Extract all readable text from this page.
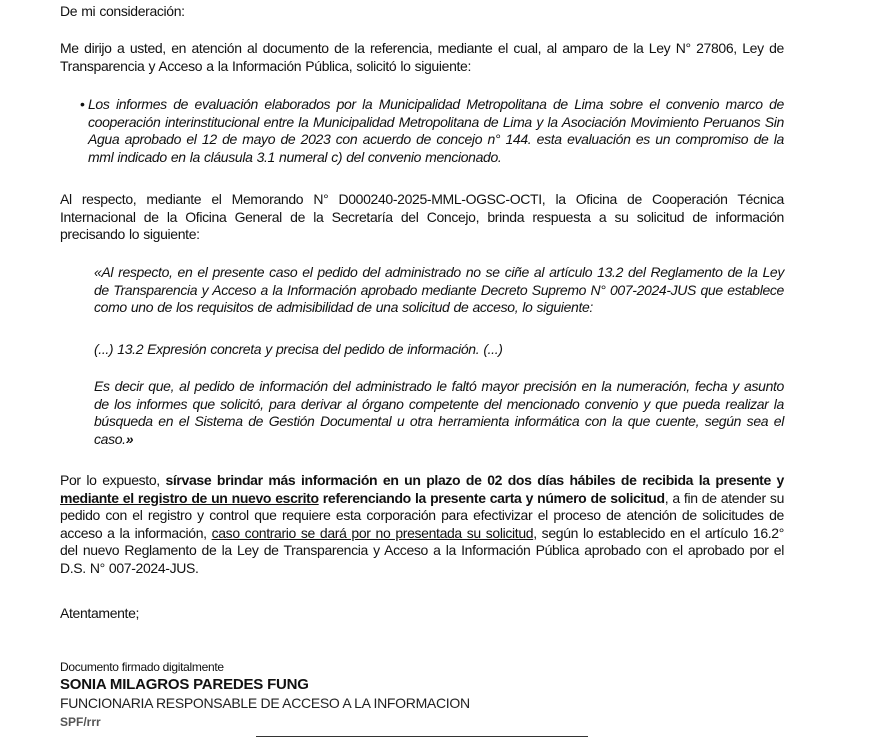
De mi consideración:

Me dirijo a usted, en atención al documento de la referencia, mediante el cual, al amparo de la Ley N° 27806, Ley de Transparencia y Acceso a la Información Pública, solicitó lo siguiente:

• Los informes de evaluación elaborados por la Municipalidad Metropolitana de Lima sobre el convenio marco de cooperación interinstitucional entre la Municipalidad Metropolitana de Lima y la Asociación Movimiento Peruanos Sin Agua aprobado el 12 de mayo de 2023 con acuerdo de concejo n° 144. esta evaluación es un compromiso de la mml indicado en la cláusula 3.1 numeral c) del convenio mencionado.

Al respecto, mediante el Memorando N° D000240-2025-MML-OGSC-OCTI, la Oficina de Cooperación Técnica Internacional de la Oficina General de la Secretaría del Concejo, brinda respuesta a su solicitud de información precisando lo siguiente:

«Al respecto, en el presente caso el pedido del administrado no se ciñe al artículo 13.2 del Reglamento de la Ley de Transparencia y Acceso a la Información aprobado mediante Decreto Supremo N° 007-2024-JUS que establece como uno de los requisitos de admisibilidad de una solicitud de acceso, lo siguiente:

(...) 13.2 Expresión concreta y precisa del pedido de información. (...)

Es decir que, al pedido de información del administrado le faltó mayor precisión en la numeración, fecha y asunto de los informes que solicitó, para derivar al órgano competente del mencionado convenio y que pueda realizar la búsqueda en el Sistema de Gestión Documental u otra herramienta informática con la que cuente, según sea el caso.»

Por lo expuesto, sírvase brindar más información en un plazo de 02 dos días hábiles de recibida la presente y mediante el registro de un nuevo escrito referenciando la presente carta y número de solicitud, a fin de atender su pedido con el registro y control que requiere esta corporación para efectivizar el proceso de atención de solicitudes de acceso a la información, caso contrario se dará por no presentada su solicitud, según lo establecido en el artículo 16.2° del nuevo Reglamento de la Ley de Transparencia y Acceso a la Información Pública aprobado con el aprobado por el D.S. N° 007-2024-JUS.

Atentamente;

Documento firmado digitalmente
SONIA MILAGROS PAREDES FUNG
FUNCIONARIA RESPONSABLE DE ACCESO A LA INFORMACION
SPF/rrr
